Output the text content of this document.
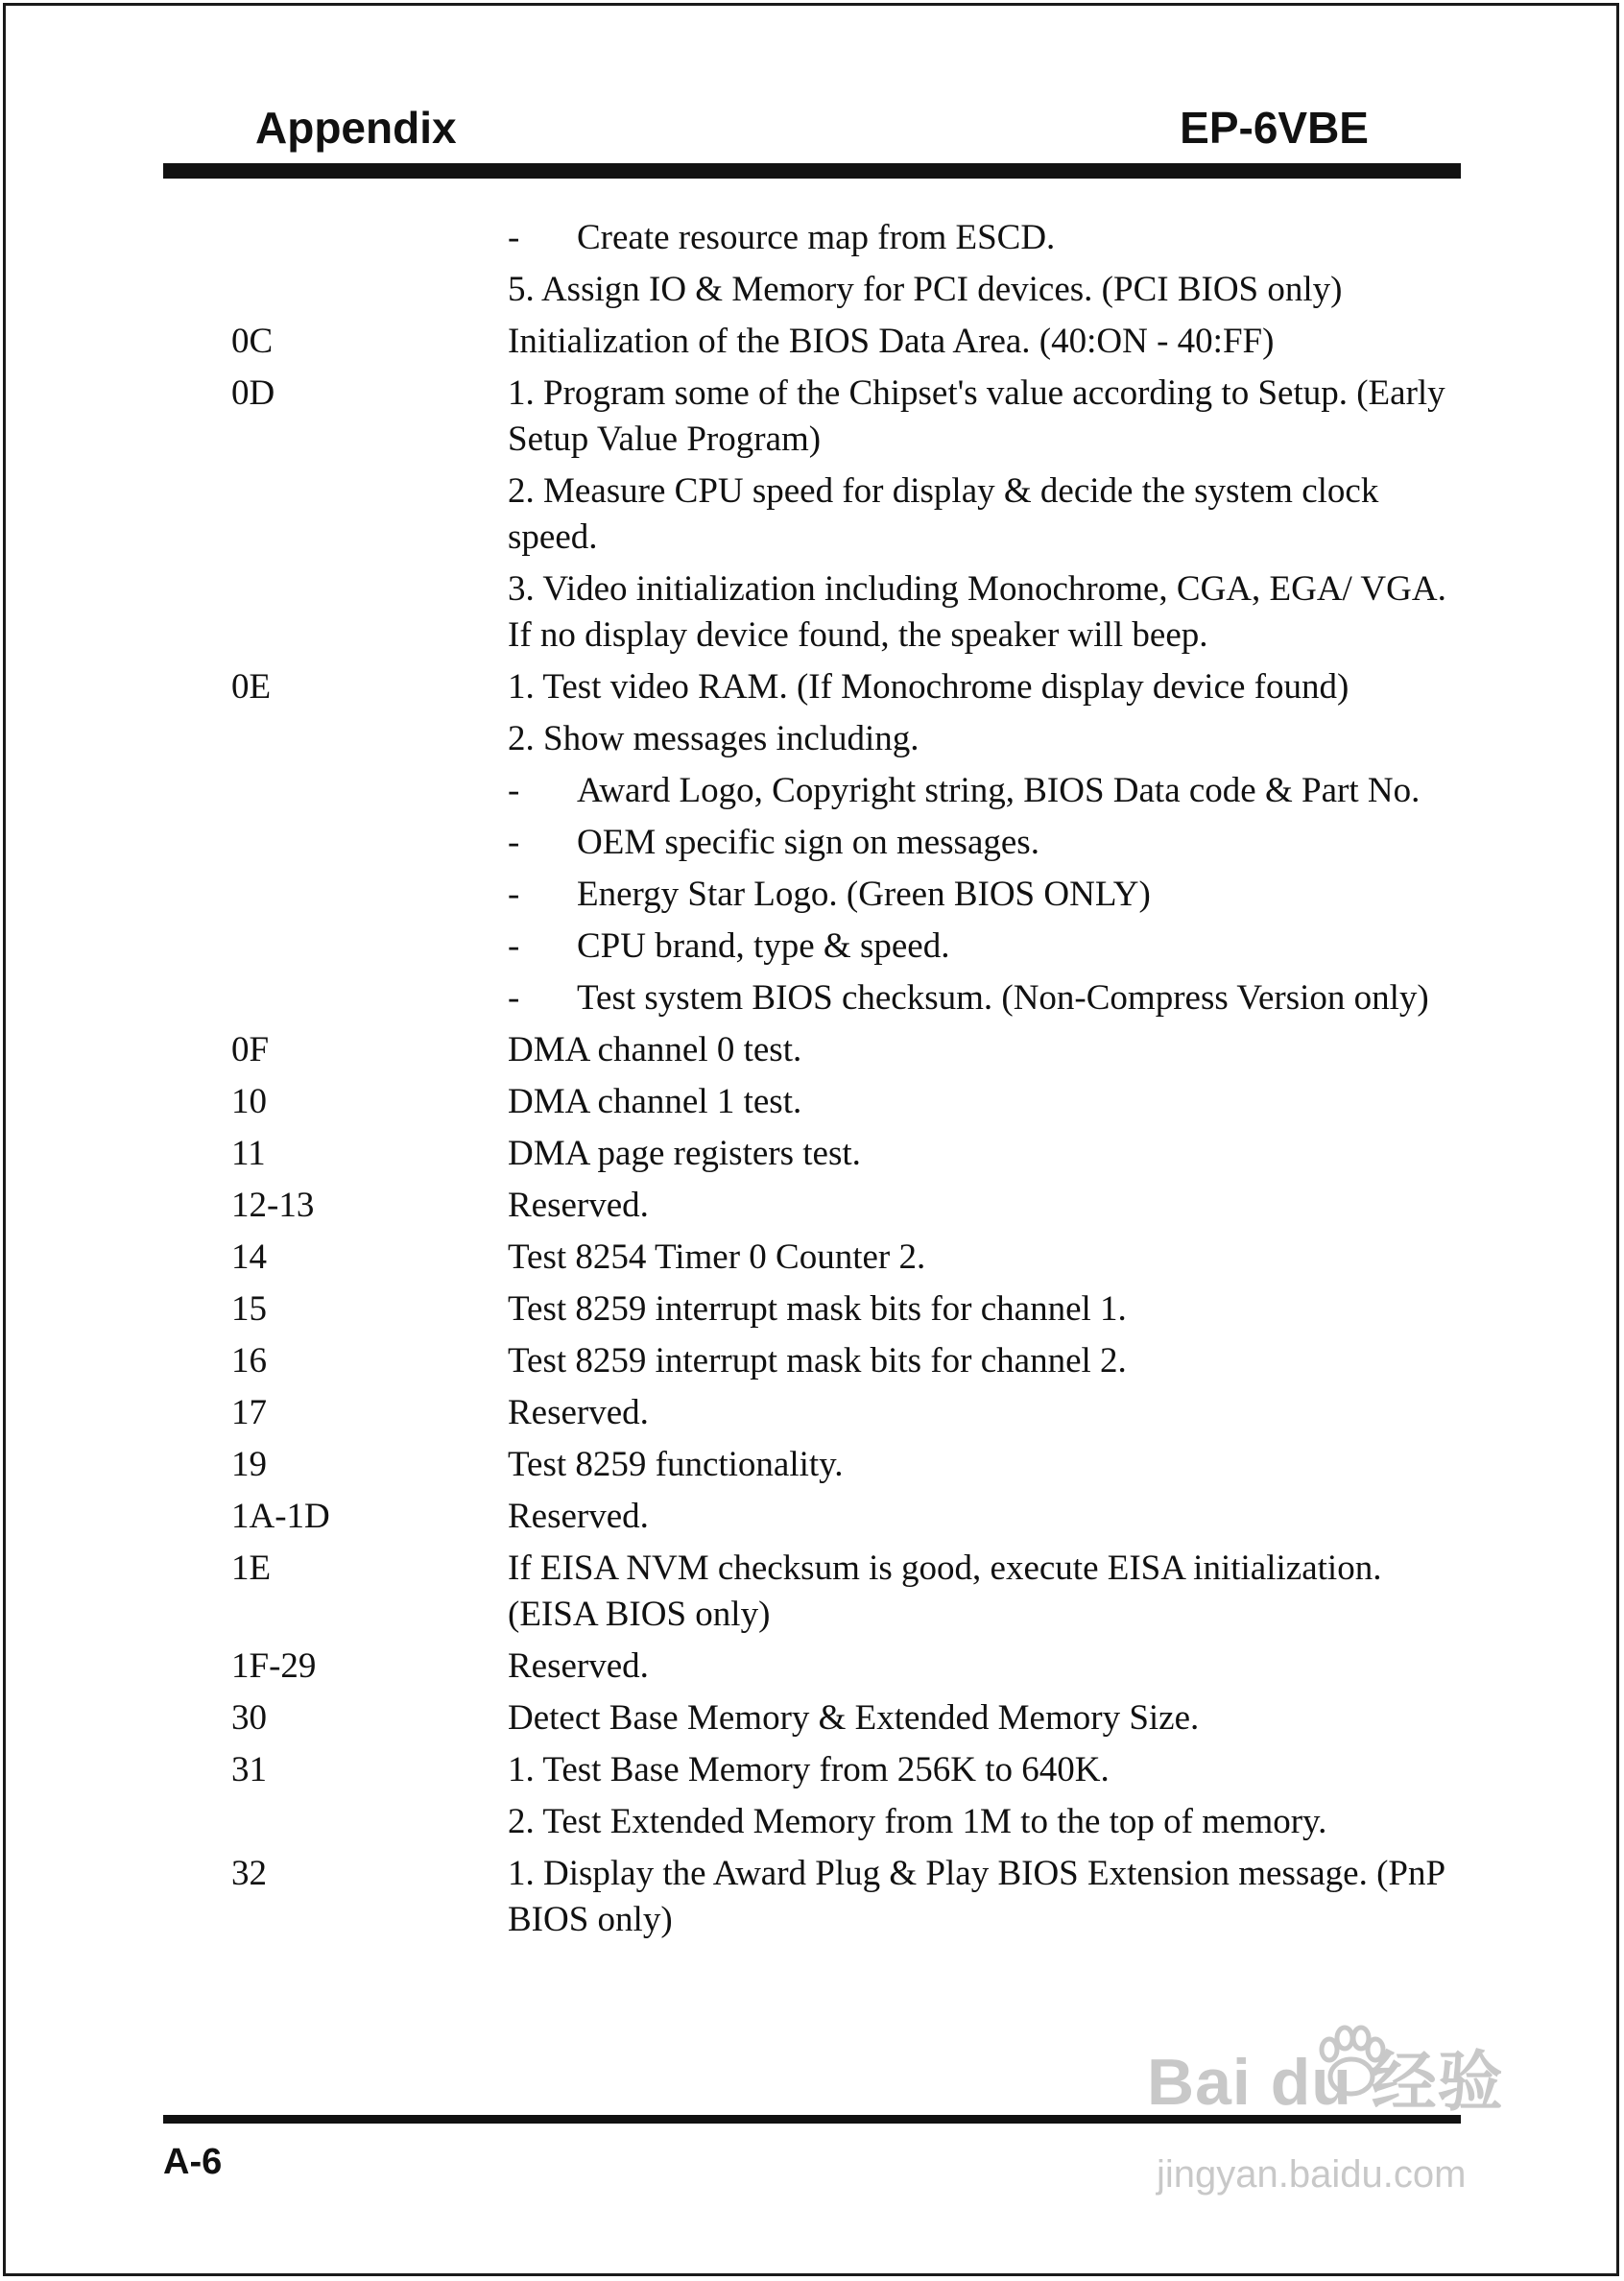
Appendix	EP-6VBE
-	Create resource map from ESCD.
5. Assign IO & Memory for PCI devices. (PCI BIOS only)
0C	Initialization of the BIOS Data Area. (40:ON - 40:FF)
0D	1. Program some of the Chipset's value according to Setup. (Early Setup Value Program)
2. Measure CPU speed for display & decide the system clock speed.
3. Video initialization including Monochrome, CGA, EGA/ VGA. If no display device found, the speaker will beep.
0E	1. Test video RAM. (If Monochrome display device found)
2. Show messages including.
-	Award Logo, Copyright string, BIOS Data code & Part No.
-	OEM specific sign on messages.
-	Energy Star Logo. (Green BIOS ONLY)
-	CPU brand, type & speed.
-	Test system BIOS checksum. (Non-Compress Version only)
0F	DMA channel 0 test.
10	DMA channel 1 test.
11	DMA page registers test.
12-13	Reserved.
14	Test 8254 Timer 0 Counter 2.
15	Test 8259 interrupt mask bits for channel 1.
16	Test 8259 interrupt mask bits for channel 2.
17	Reserved.
19	Test 8259 functionality.
1A-1D	Reserved.
1E	If EISA NVM checksum is good, execute EISA initialization. (EISA BIOS only)
1F-29	Reserved.
30	Detect Base Memory & Extended Memory Size.
31	1. Test Base Memory from 256K to 640K.
2. Test Extended Memory from 1M to the top of memory.
32	1. Display the Award Plug & Play BIOS Extension message. (PnP BIOS only)
A-6
Bai du 经验
jingyan.baidu.com
